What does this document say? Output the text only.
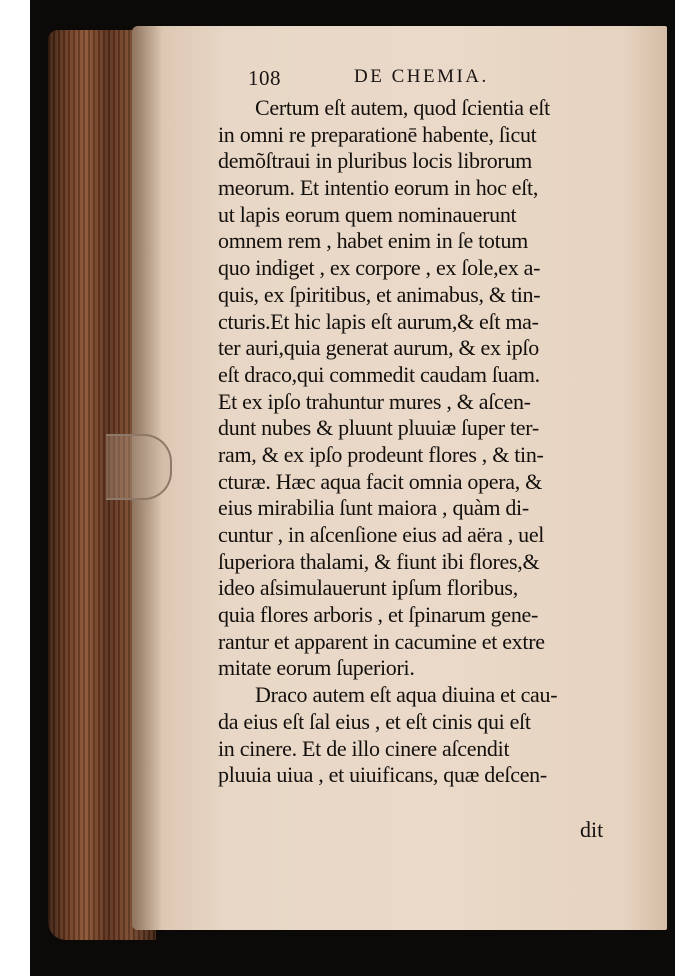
108	DE CHEMIA.
Certum eſt autem, quod ſcientia eſt
in omni re preparationē habente, ſicut
demõſtraui in pluribus locis librorum
meorum. Et intentio eorum in hoc eſt,
ut lapis eorum quem nominauerunt
omnem rem , habet enim in ſe totum
quo indiget , ex corpore , ex ſole,ex a-
quis, ex ſpiritibus, et animabus, & tin-
cturis.Et hic lapis eſt aurum,& eſt ma-
ter auri,quia generat aurum, & ex ipſo
eſt draco,qui commedit caudam ſuam.
Et ex ipſo trahuntur mures , & aſcen-
dunt nubes & pluunt pluuiæ ſuper ter-
ram, & ex ipſo prodeunt flores , & tin-
cturæ. Hæc aqua facit omnia opera, &
eius mirabilia ſunt maiora , quàm di-
cuntur , in aſcenſione eius ad aëra , uel
ſuperiora thalami, & fiunt ibi flores,&
ideo aſsimulauerunt ipſum floribus,
quia flores arboris , et ſpinarum gene-
rantur et apparent in cacumine et extre
mitate eorum ſuperiori.
Draco autem eſt aqua diuina et cau-
da eius eſt ſal eius , et eſt cinis qui eſt
in cinere. Et de illo cinere aſcendit
pluuia uiua , et uiuificans, quæ deſcen-
dit
